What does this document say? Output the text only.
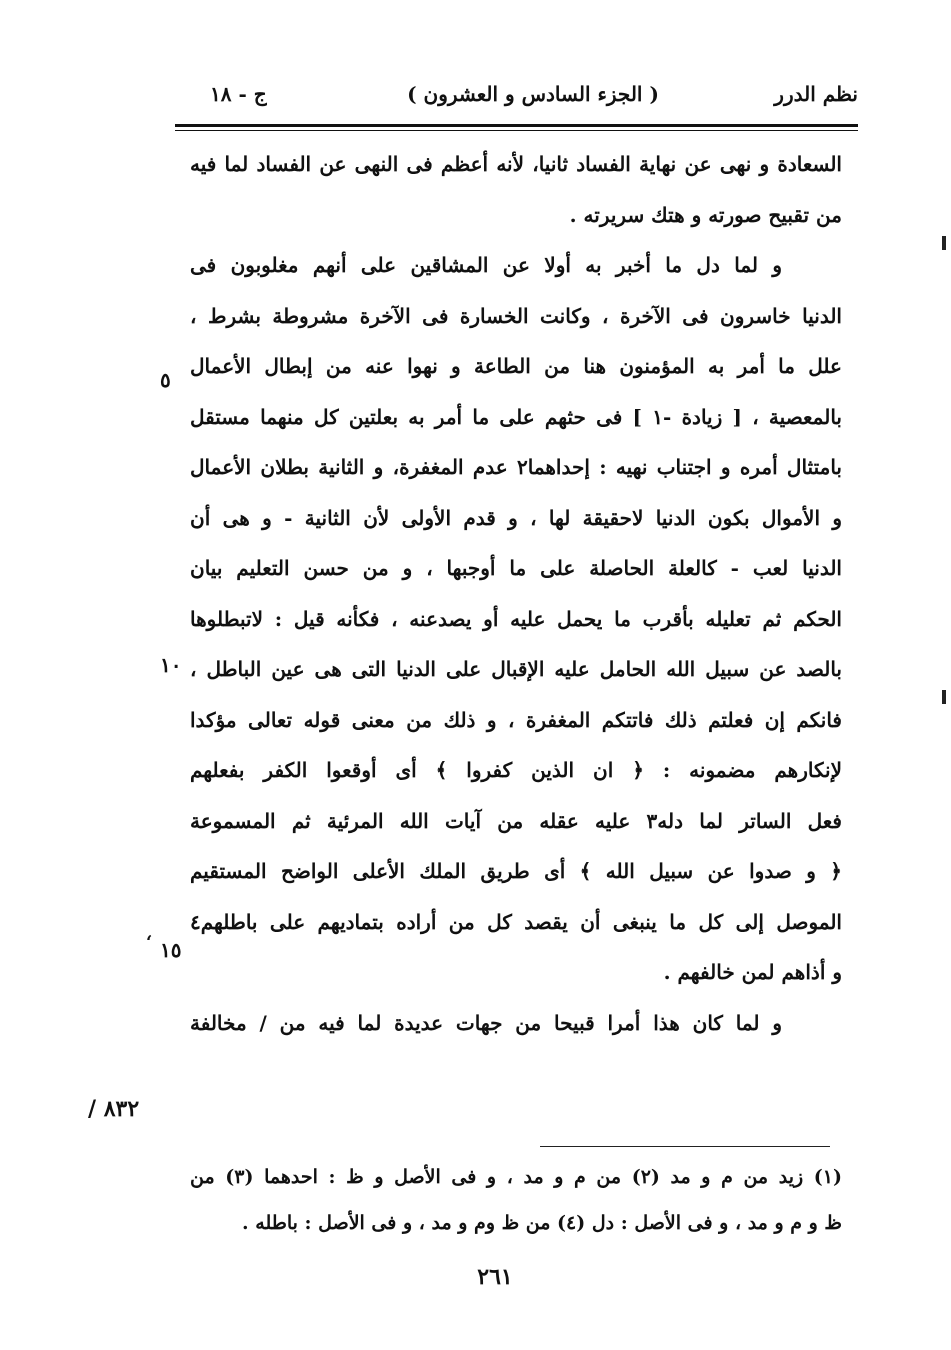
ج - ١٨	( الجزء السادس و العشرون )	نظم الدرر
السعادة و نهى عن نهاية الفساد ثانيا، لأنه أعظم فى النهى عن الفساد لما فيه
من تقبيح صورته و هتك سريرته .
و لما دل ما أخبر به أولا عن المشاقين على أنهم مغلوبون فى
الدنيا خاسرون فى الآخرة ، وكانت الخسارة فى الآخرة مشروطة بشرط ،
علل ما أمر به المؤمنون هنا من الطاعة و نهوا عنه من إبطال الأعمال
بالمعصية ، [ زيادة -١ ] فى حثهم على ما أمر به بعلتين كل منهما مستقل
بامتثال أمره و اجتناب نهيه : إحداهما٢ عدم المغفرة، و الثانية بطلان الأعمال
و الأموال بكون الدنيا لاحقيقة لها ، و قدم الأولى لأن الثانية - و هى أن
الدنيا لعب - كالعلة الحاصلة على ما أوجبها ، و من حسن التعليم بيان
الحكم ثم تعليله بأقرب ما يحمل عليه أو يصدعنه ، فكأنه قيل : لاتبطلوها
بالصد عن سبيل الله الحامل عليه الإقبال على الدنيا التى هى عين الباطل ،
فانكم إن فعلتم ذلك فاتتكم المغفرة ، و ذلك من معنى قوله تعالى مؤكدا
لإنكارهم مضمونه : ﴿ ان الذين كفروا ﴾ أى أوقعوا الكفر بفعلهم
فعل الساتر لما دله٣ عليه عقله من آيات الله المرئية ثم المسموعة
﴿ و صدوا عن سبيل الله ﴾ أى طريق الملك الأعلى الواضح المستقيم
الموصل إلى كل ما ينبغى أن يقصد كل من أراده بتماديهم على باطلهم٤
و أذاهم لمن خالفهم .
و لما كان هذا أمرا قبيحا من جهات عديدة لما فيه من / مخالفة
٥
١٠
١٥
‘
٨٣٢ /
(١) زيد من م و مد (٢) من م و مد ، و فى الأصل و ظ : احدهما (٣) من
ظ و م و مد ، و فى الأصل : دل (٤) من ظ وم و مد ، و فى الأصل : باطله .
٢٦١
